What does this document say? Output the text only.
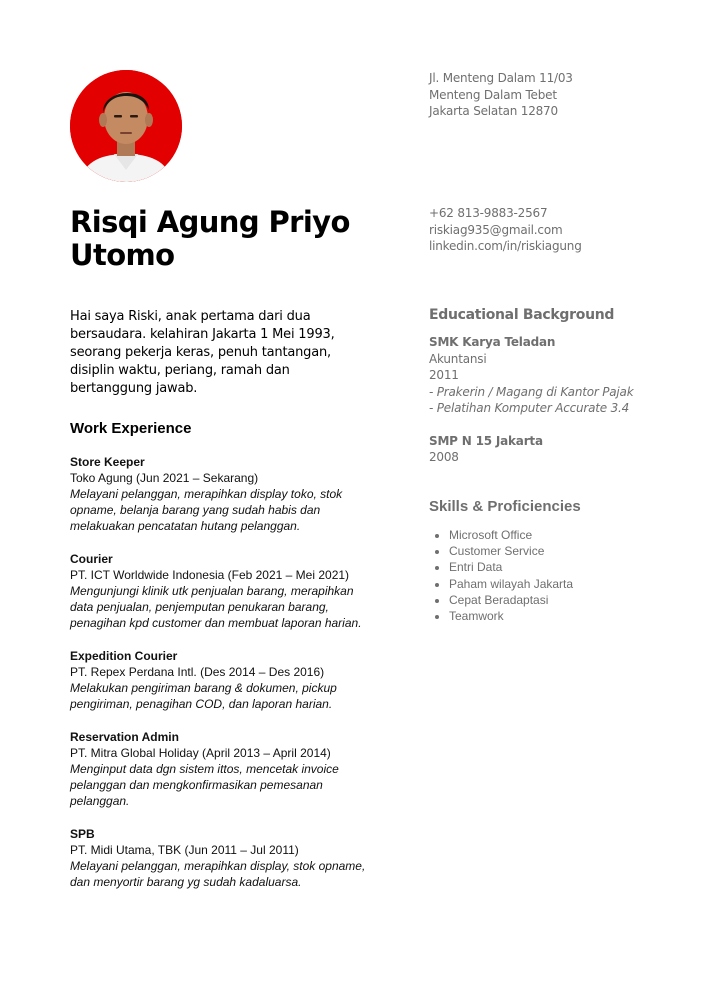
Risqi Agung Priyo Utomo
Hai saya Riski, anak pertama dari dua bersaudara. kelahiran Jakarta 1 Mei 1993, seorang pekerja keras, penuh tantangan, disiplin waktu, periang, ramah dan bertanggung jawab.
Work Experience
Store Keeper
Toko Agung (Jun 2021 – Sekarang)
Melayani pelanggan, merapihkan display toko, stok opname, belanja barang yang sudah habis dan melakuakan pencatatan hutang pelanggan.
Courier
PT. ICT Worldwide Indonesia (Feb 2021 – Mei 2021)
Mengunjungi klinik utk penjualan barang, merapihkan data penjualan, penjemputan penukaran barang, penagihan kpd customer dan membuat laporan harian.
Expedition Courier
PT. Repex Perdana Intl. (Des 2014 – Des 2016)
Melakukan pengiriman barang & dokumen, pickup pengiriman, penagihan COD, dan laporan harian.
Reservation Admin
PT. Mitra Global Holiday (April 2013 – April 2014)
Menginput data dgn sistem ittos, mencetak invoice pelanggan dan mengkonfirmasikan pemesanan pelanggan.
SPB
PT. Midi Utama, TBK (Jun 2011 – Jul 2011)
Melayani pelanggan, merapihkan display, stok opname, dan menyortir barang yg sudah kadaluarsa.
Jl. Menteng Dalam 11/03
Menteng Dalam Tebet
Jakarta Selatan 12870
+62 813-9883-2567
riskiag935@gmail.com
linkedin.com/in/riskiagung
Educational Background
SMK Karya Teladan
Akuntansi
2011
- Prakerin / Magang di Kantor Pajak
- Pelatihan Komputer Accurate 3.4
SMP N 15 Jakarta
2008
Skills & Proficiencies
• Microsoft Office
• Customer Service
• Entri Data
• Paham wilayah Jakarta
• Cepat Beradaptasi
• Teamwork
